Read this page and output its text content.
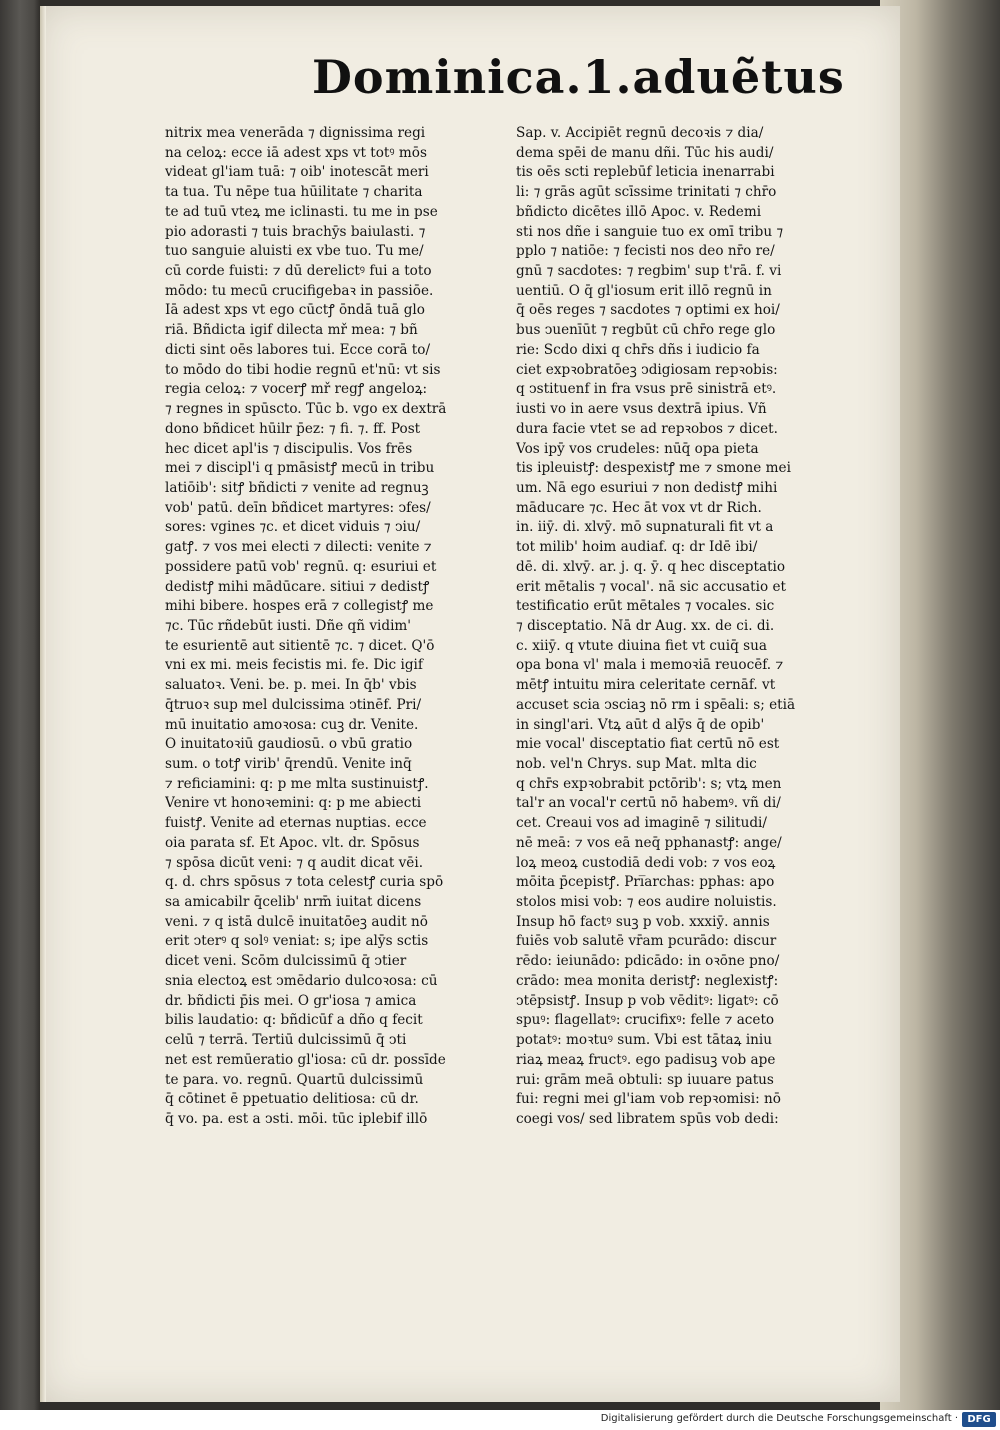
Dominica.1.aduẽtus
nitrix mea venerāda ⁊ dignissima regi
na celoꝝ: ecce iā adest xps vt totꝰ mōs
videat gl'iam tuā: ⁊ oib' inotescāt meri
ta tua. Tu nēpe tua hūilitate ⁊ charita
te ad tuū vteꝝ me iclinasti. tu me in pse
pio adorasti ⁊ tuis brachȳs baiulasti. ⁊
tuo sanguie aluisti ex vbe tuo. Tu me/
cū corde fuisti: ⁊ dū derelictꝰ fui a toto
mōdo: tu mecū crucifigebaꝛ in passiōe.
Iā adest xps vt ego cūctꝭ ōndā tuā glo
riā. Bñdicta igif dilecta mř mea: ⁊ bñ
dicti sint oēs labores tui. Ecce corā to/
to mōdo do tibi hodie regnū et'nū: vt sis
regia celoꝝ: ⁊ vocerꝭ mř regꝭ angeloꝝ:
⁊ regnes in spūscto. Tūc b. vgo ex dextrā
dono bñdicet hūilr p̄ez: ⁊ fi. ⁊. ff. Post
hec dicet apl'is ⁊ discipulis. Vos frēs
mei ⁊ discipl'i q pmāsistꝭ mecū in tribu
latiōib': sitꝭ bñdicti ⁊ venite ad regnuꝫ
vob' patū. deīn bñdicet martyres: ↄfes/
sores: vgines ⁊c. et dicet viduis ⁊ ↄiu/
gatꝭ. ⁊ vos mei electi ⁊ dilecti: venite ⁊
possidere patū vob' regnū. q: esuriui et
dedistꝭ mihi mādūcare. sitiui ⁊ dedistꝭ
mihi bibere. hospes erā ⁊ collegistꝭ me
⁊c. Tūc rñdebūt iusti. Dñe qñ vidim'
te esurientē aut sitientē ⁊c. ⁊ dicet. Q'ō
vni ex mi. meis fecistis mi. fe. Dic igif
saluatoꝛ. Veni. be. p. mei. In q̄b' vbis
q̄truoꝛ sup mel dulcissima ↄtinēf. Pri/
mū inuitatio amoꝛosa: cuꝫ dr. Venite.
O inuitatoꝛiū gaudiosū. o vbū gratio
sum. o totꝭ virib' q̄rendū. Venite inq̄
⁊ reficiamini: q: p me mlta sustinuistꝭ.
Venire vt honoꝛemini: q: p me abiecti
fuistꝭ. Venite ad eternas nuptias. ecce
oia parata sf. Et Apoc. vlt. dr. Spōsus
⁊ spōsa dicūt veni: ⁊ q audit dicat vēi.
q. d. chrs spōsus ⁊ tota celestꝭ curia spō
sa amicabilr q̄celib' nrm̄ iuitat dicens
veni. ⁊ q istā dulcē inuitatōeꝫ audit nō
erit ↄterꝰ q solꝰ veniat: s; ipe alȳs sctis
dicet veni. Scōm dulcissimū q̄ ↄtier
snia electoꝝ est ↄmēdario dulcoꝛosa: cū
dr. bñdicti p̄is mei. O gr'iosa ⁊ amica
bilis laudatio: q: bñdicūf a dño q fecit
celū ⁊ terrā. Tertiū dulcissimū q̄ ↄti
net est remūeratio gl'iosa: cū dr. possīde
te para. vo. regnū. Quartū dulcissimū
q̄ cōtinet ē ppetuatio delitiosa: cū dr.
q̄ vo. pa. est a ↄsti. mōi. tūc iplebif illō
Sap. v. Accipiēt regnū decoꝛis ⁊ dia/
dema spēi de manu dñi. Tūc his audi/
tis oēs scti replebūf leticia inenarrabi
li: ⁊ grās agūt scīssime trinitati ⁊ chr̄o
bñdicto dicētes illō Apoc. v. Redemi
sti nos dñe i sanguie tuo ex omī tribu ⁊
pplo ⁊ natiōe: ⁊ fecisti nos deo nr̄o re/
gnū ⁊ sacdotes: ⁊ regbim' sup t'rā. f. vi
uentiū. O q̄ gl'iosum erit illō regnū in
q̄ oēs reges ⁊ sacdotes ⁊ optimi ex hoi/
bus ↄuenīūt ⁊ regbūt cū chr̄o rege glo
rie: Scdo dixi q chr̄s dñs i iudicio fa
ciet expꝛobratōeꝫ ↄdigiosam repꝛobis:
q ↄstituenf in fra vsus prē sinistrā etꝰ.
iusti vo in aere vsus dextrā ipius. Vñ
dura facie vtet se ad repꝛobos ⁊ dicet.
Vos ipȳ vos crudeles: nūq̄ opa pieta
tis ipleuistꝭ: despexistꝭ me ⁊ smone mei
um. Nā ego esuriui ⁊ non dedistꝭ mihi
māducare ⁊c. Hec āt vox vt dr Rich.
in. iiȳ. di. xlvȳ. mō supnaturali fit vt a
tot milib' hoim audiaf. q: dr Idē ibi/
dē. di. xlvȳ. ar. j. q. ȳ. q hec disceptatio
erit mētalis ⁊ vocal'. nā sic accusatio et
testificatio erūt mētales ⁊ vocales. sic
⁊ disceptatio. Nā dr Aug. xx. de ci. di.
c. xiiȳ. q vtute diuina fiet vt cuiq̄ sua
opa bona vl' mala i memoꝛiā reuocēf. ⁊
mētꝭ intuitu mira celeritate cernāf. vt
accuset scia ↄsciaꝫ nō rm i spēali: s; etiā
in singl'ari. Vtꝝ aūt d alȳs q̄ de opib'
mie vocal' disceptatio fiat certū nō est
nob. vel'n Chrys. sup Mat. mlta dic
q chr̄s expꝛobrabit pctōrib': s; vtꝝ men
tal'r an vocal'r certū nō habemꝰ. vñ di/
cet. Creaui vos ad imaginē ⁊ silitudi/
nē meā: ⁊ vos eā neq̄ pphanastꝭ: ange/
loꝝ meoꝝ custodiā dedi vob: ⁊ vos eoꝝ
mōita p̄cepistꝭ. Pri̅archas: pphas: apo
stolos misi vob: ⁊ eos audire noluistis.
Insup hō factꝰ suꝫ p vob. xxxiȳ. annis
fuiēs vob salutē vr̄am pcurādo: discur
rēdo: ieiunādo: pdicādo: in oꝛōne pno/
crādo: mea monita deristꝭ: neglexistꝭ:
ↄtēpsistꝭ. Insup p vob vēditꝰ: ligatꝰ: cō
spuꝰ: flagellatꝰ: crucifixꝰ: felle ⁊ aceto
potatꝰ: moꝛtuꝰ sum. Vbi est tātaꝝ iniu
riaꝝ meaꝝ fructꝰ. ego padisuꝫ vob ape
rui: grām meā obtuli: sp iuuare patus
fui: regni mei gl'iam vob repꝛomisi: nō
coegi vos/ sed libratem spūs vob dedi:
Digitalisierung gefördert durch die Deutsche Forschungsgemeinschaft · DFG
